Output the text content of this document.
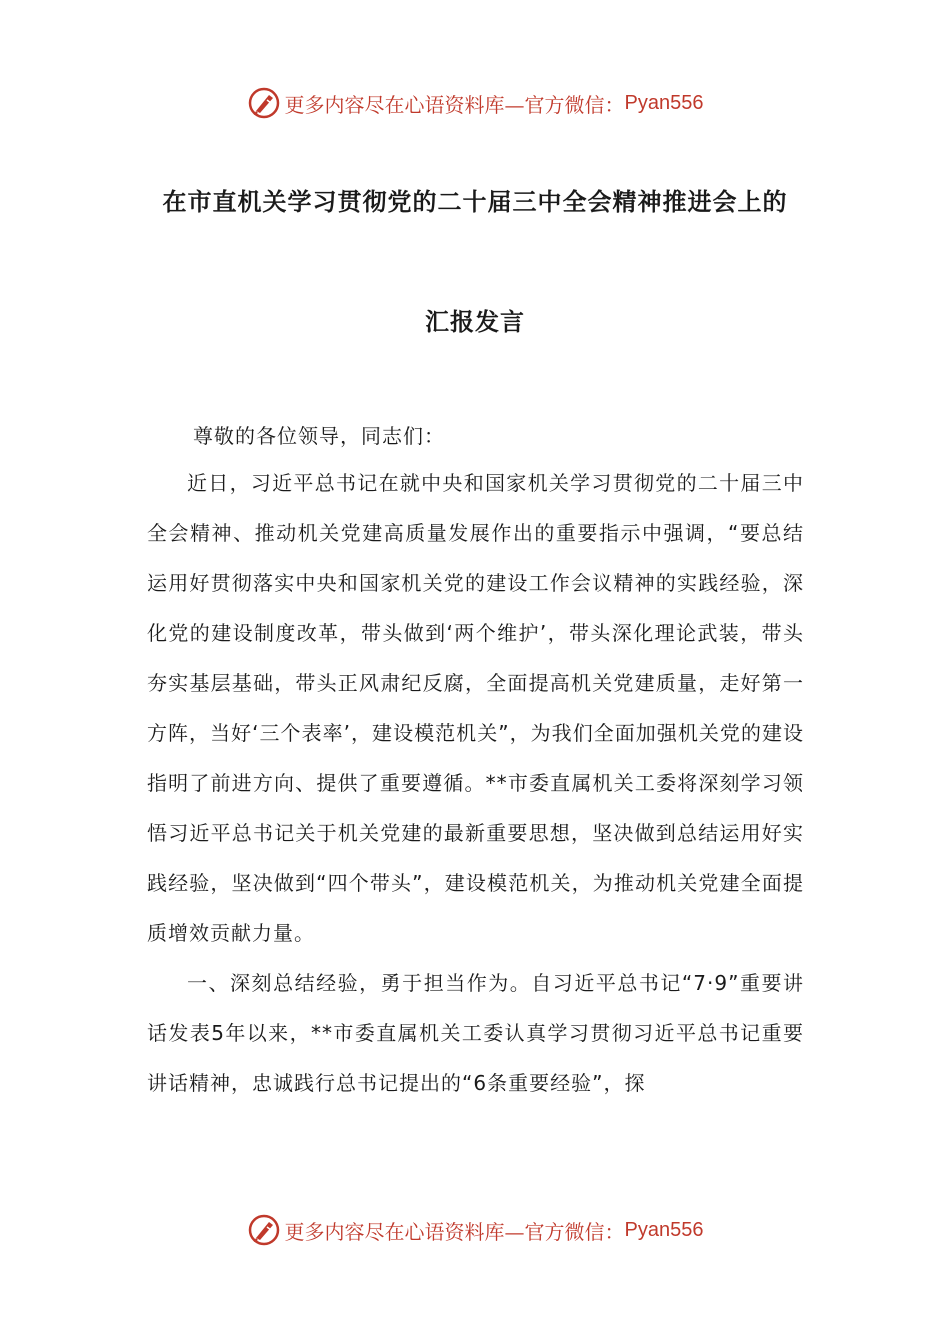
更多内容尽在心语资料库—官方微信： Pyan556
在市直机关学习贯彻党的二十届三中全会精神推进会上的
汇报发言
尊敬的各位领导，同志们：

近日，习近平总书记在就中央和国家机关学习贯彻党的二十届三中全会精神、推动机关党建高质量发展作出的重要指示中强调，“要总结运用好贯彻落实中央和国家机关党的建设工作会议精神的实践经验，深化党的建设制度改革，带头做到‘两个维护’，带头深化理论武装，带头夯实基层基础，带头正风肃纪反腐，全面提高机关党建质量，走好第一方阵，当好‘三个表率’，建设模范机关”，为我们全面加强机关党的建设指明了前进方向、提供了重要遵循。**市委直属机关工委将深刻学习领悟习近平总书记关于机关党建的最新重要思想，坚决做到总结运用好实践经验，坚决做到“四个带头”，建设模范机关，为推动机关党建全面提质增效贡献力量。

一、深刻总结经验，勇于担当作为。自习近平总书记“7·9”重要讲话发表5年以来，**市委直属机关工委认真学习贯彻习近平总书记重要讲话精神，忠诚践行总书记提出的“6条重要经验”，探

更多内容尽在心语资料库—官方微信： Pyan556
